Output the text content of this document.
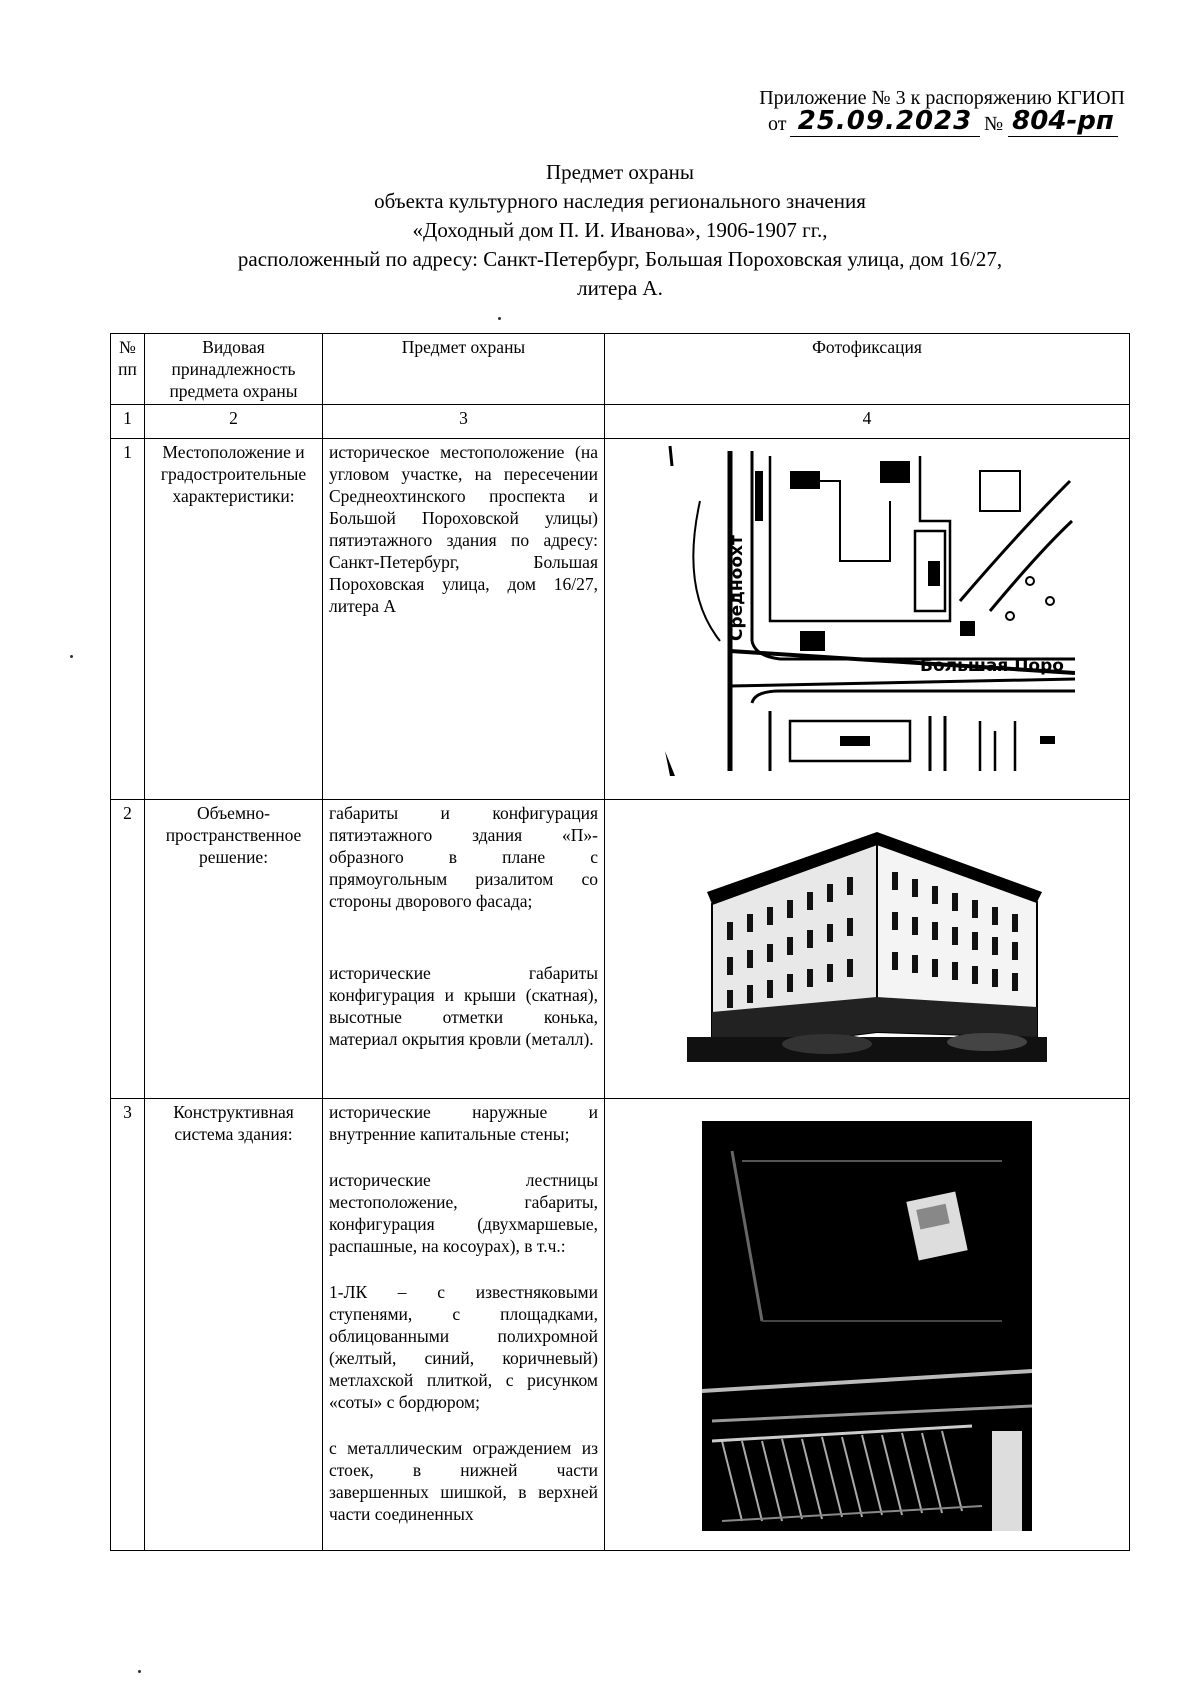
Приложение № 3 к распоряжению КГИОП
от 25.09.2023 № 804-рп
Предмет охраны
объекта культурного наследия регионального значения
«Доходный дом П. И. Иванова», 1906-1907 гг.,
расположенный по адресу: Санкт-Петербург, Большая Пороховская улица, дом 16/27,
литера А.
№ пп	Видовая принадлежность предмета охраны	Предмет охраны	Фотофиксация
1	2	3	4
1	Местоположение и градостроительные характеристики:	историческое местоположение (на угловом участке, на пересечении Среднеохтинского проспекта и Большой Пороховской улицы) пятиэтажного здания по адресу: Санкт-Петербург, Большая Пороховская улица, дом 16/27, литера А	Средноохт
Большая Поро

2	Объемно-пространственное решение:	габариты и конфигурация пятиэтажного здания «П»-образного в плане с прямоугольным ризалитом со стороны дворового фасада;

исторические габариты конфигурация и крыши (скатная), высотные отметки конька, материал окрытия кровли (металл).

3	Конструктивная система здания:	исторические наружные и внутренние капитальные стены;

исторические лестницы местоположение, габариты, конфигурация (двухмаршевые, распашные, на косоурах), в т.ч.:

1-ЛК – с известняковыми ступенями, с площадками, облицованными полихромной (желтый, синий, коричневый) метлахской плиткой, с рисунком «соты» с бордюром;

с металлическим ограждением из стоек, в нижней части завершенных шишкой, в верхней части соединенных
